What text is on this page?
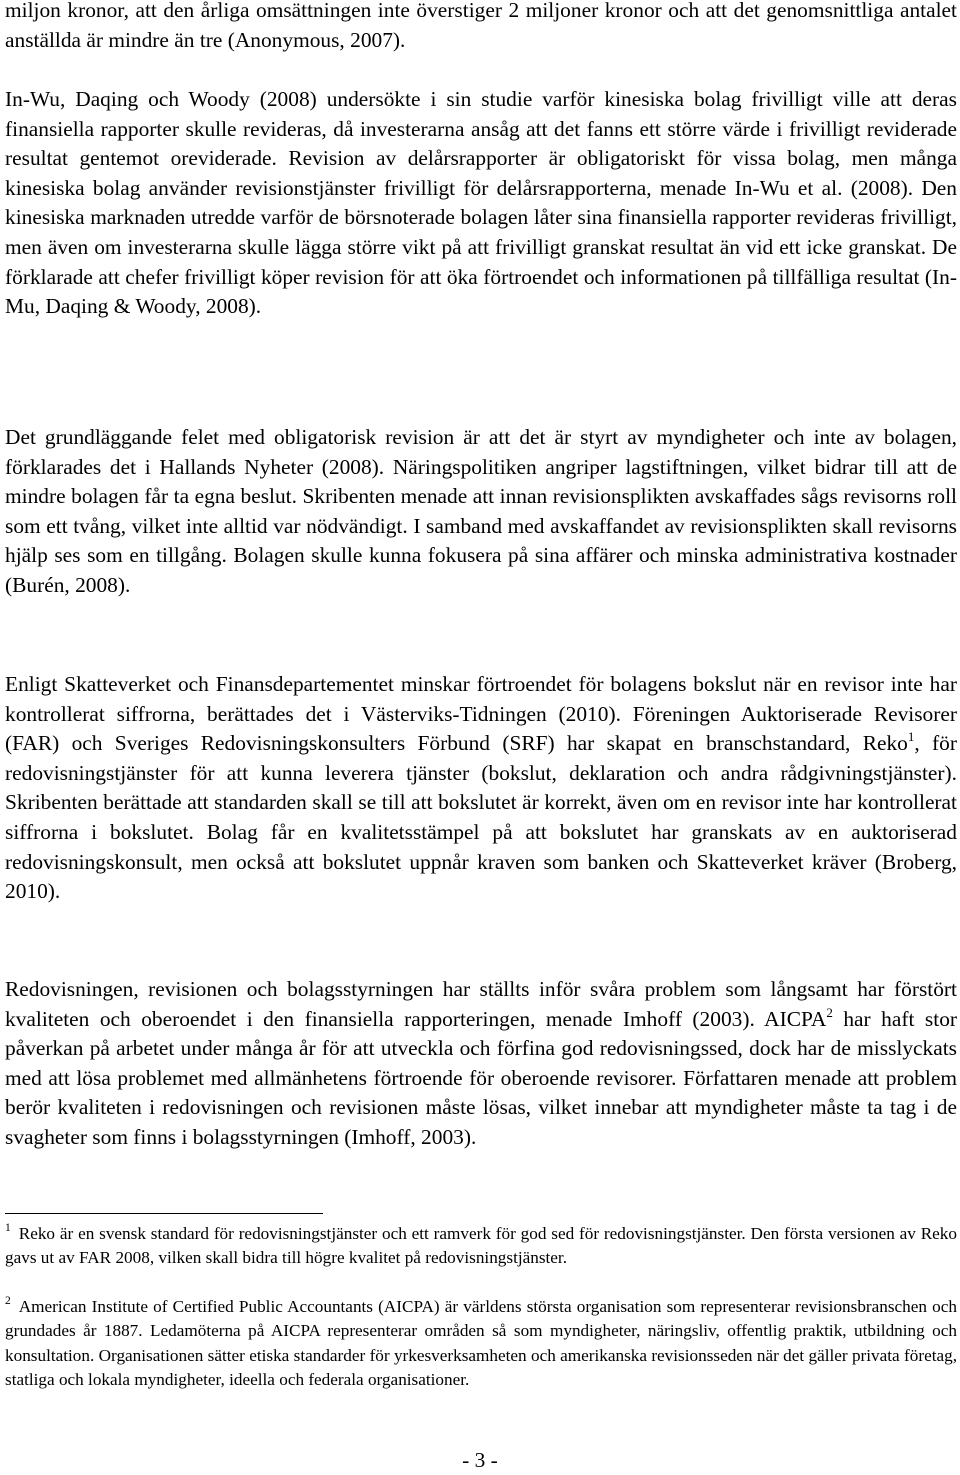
miljon kronor, att den årliga omsättningen inte överstiger 2 miljoner kronor och att det genomsnittliga antalet anställda är mindre än tre (Anonymous, 2007).

In-Wu, Daqing och Woody (2008) undersökte i sin studie varför kinesiska bolag frivilligt ville att deras finansiella rapporter skulle revideras, då investerarna ansåg att det fanns ett större värde i frivilligt reviderade resultat gentemot oreviderade. Revision av delårsrapporter är obligatoriskt för vissa bolag, men många kinesiska bolag använder revisionstjänster frivilligt för delårsrapporterna, menade In-Wu et al. (2008). Den kinesiska marknaden utredde varför de börsnoterade bolagen låter sina finansiella rapporter revideras frivilligt, men även om investerarna skulle lägga större vikt på att frivilligt granskat resultat än vid ett icke granskat. De förklarade att chefer frivilligt köper revision för att öka förtroendet och informationen på tillfälliga resultat (In-Mu, Daqing & Woody, 2008).

Det grundläggande felet med obligatorisk revision är att det är styrt av myndigheter och inte av bolagen, förklarades det i Hallands Nyheter (2008). Näringspolitiken angriper lagstiftningen, vilket bidrar till att de mindre bolagen får ta egna beslut. Skribenten menade att innan revisionsplikten avskaffades sågs revisorns roll som ett tvång, vilket inte alltid var nödvändigt. I samband med avskaffandet av revisionsplikten skall revisorns hjälp ses som en tillgång. Bolagen skulle kunna fokusera på sina affärer och minska administrativa kostnader (Burén, 2008).

Enligt Skatteverket och Finansdepartementet minskar förtroendet för bolagens bokslut när en revisor inte har kontrollerat siffrorna, berättades det i Västerviks-Tidningen (2010). Föreningen Auktoriserade Revisorer (FAR) och Sveriges Redovisningskonsulters Förbund (SRF) har skapat en branschstandard, Reko$^1$, för redovisningstjänster för att kunna leverera tjänster (bokslut, deklaration och andra rådgivningstjänster). Skribenten berättade att standarden skall se till att bokslutet är korrekt, även om en revisor inte har kontrollerat siffrorna i bokslutet. Bolag får en kvalitetsstämpel på att bokslutet har granskats av en auktoriserad redovisningskonsult, men också att bokslutet uppnår kraven som banken och Skatteverket kräver (Broberg, 2010).

Redovisningen, revisionen och bolagsstyrningen har ställts inför svåra problem som långsamt har förstört kvaliteten och oberoendet i den finansiella rapporteringen, menade Imhoff (2003). AICPA$^2$ har haft stor påverkan på arbetet under många år för att utveckla och förfina god redovisningssed, dock har de misslyckats med att lösa problemet med allmänhetens förtroende för oberoende revisorer. Författaren menade att problem berör kvaliteten i redovisningen och revisionen måste lösas, vilket innebar att myndigheter måste ta tag i de svagheter som finns i bolagsstyrningen (Imhoff, 2003).

$^1$ Reko är en svensk standard för redovisningstjänster och ett ramverk för god sed för redovisningstjänster. Den första versionen av Reko gavs ut av FAR 2008, vilken skall bidra till högre kvalitet på redovisningstjänster.

$^2$ American Institute of Certified Public Accountants (AICPA) är världens största organisation som representerar revisionsbranschen och grundades år 1887. Ledamöterna på AICPA representerar områden så som myndigheter, näringsliv, offentlig praktik, utbildning och konsultation. Organisationen sätter etiska standarder för yrkesverksamheten och amerikanska revisionsseden när det gäller privata företag, statliga och lokala myndigheter, ideella och federala organisationer.

- 3 -
